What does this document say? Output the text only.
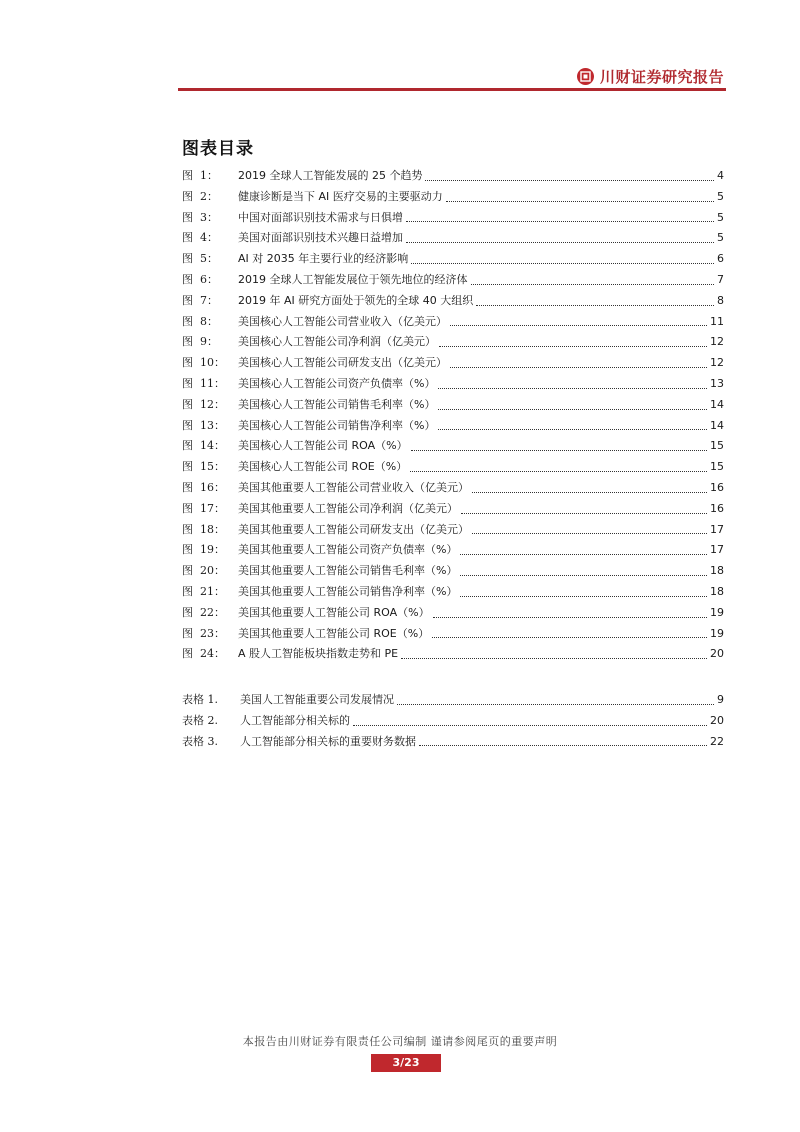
川财证券研究报告
图表目录
图  1：	2019 全球人工智能发展的 25 个趋势	4
图  2：	健康诊断是当下 AI 医疗交易的主要驱动力	5
图  3：	中国对面部识别技术需求与日俱增	5
图  4：	美国对面部识别技术兴趣日益增加	5
图  5：	AI 对 2035 年主要行业的经济影响	6
图  6：	2019 全球人工智能发展位于领先地位的经济体	7
图  7：	2019 年 AI 研究方面处于领先的全球 40 大组织	8
图  8：	美国核心人工智能公司营业收入（亿美元）	11
图  9：	美国核心人工智能公司净利润（亿美元）	12
图  10：	美国核心人工智能公司研发支出（亿美元）	12
图  11：	美国核心人工智能公司资产负债率（%）	13
图  12：	美国核心人工智能公司销售毛利率（%）	14
图  13：	美国核心人工智能公司销售净利率（%）	14
图  14：	美国核心人工智能公司 ROA（%）	15
图  15：	美国核心人工智能公司 ROE（%）	15
图  16：	美国其他重要人工智能公司营业收入（亿美元）	16
图  17：	美国其他重要人工智能公司净利润（亿美元）	16
图  18：	美国其他重要人工智能公司研发支出（亿美元）	17
图  19：	美国其他重要人工智能公司资产负债率（%）	17
图  20：	美国其他重要人工智能公司销售毛利率（%）	18
图  21：	美国其他重要人工智能公司销售净利率（%）	18
图  22：	美国其他重要人工智能公司 ROA（%）	19
图  23：	美国其他重要人工智能公司 ROE（%）	19
图  24：	A 股人工智能板块指数走势和 PE	20
表格 1.	美国人工智能重要公司发展情况	9
表格 2.	人工智能部分相关标的	20
表格 3.	人工智能部分相关标的重要财务数据	22
本报告由川财证券有限责任公司编制 谨请参阅尾页的重要声明
3/23
